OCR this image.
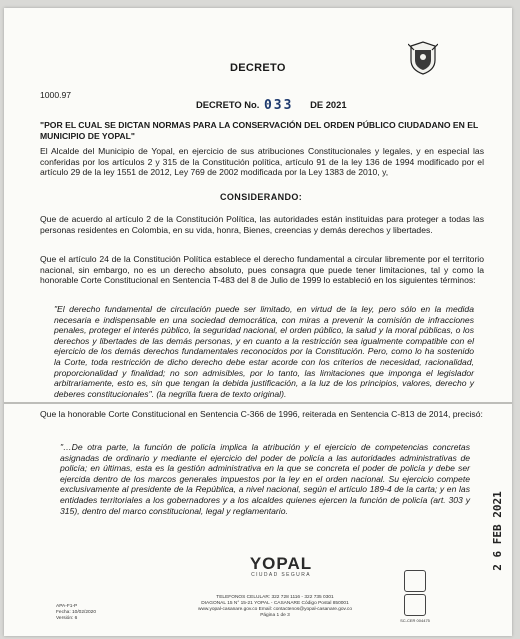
DECRETO
1000.97
DECRETO No. 033 DE 2021
"POR EL CUAL SE DICTAN NORMAS PARA LA CONSERVACIÓN DEL ORDEN PÚBLICO CIUDADANO EN EL MUNICIPIO DE YOPAL"
El Alcalde del Municipio de Yopal, en ejercicio de sus atribuciones Constitucionales y legales, y en especial las conferidas por los artículos 2 y 315 de la Constitución política, artículo 91 de la ley 136 de 1994 modificado por el artículo 29 de la ley 1551 de 2012, Ley 769 de 2002 modificada por la Ley 1383 de 2010, y,
CONSIDERANDO:
Que de acuerdo al artículo 2 de la Constitución Política, las autoridades están instituidas para proteger a todas las personas residentes en Colombia, en su vida, honra, Bienes, creencias y demás derechos y libertades.
Que el artículo 24 de la Constitución Política establece el derecho fundamental a circular libremente por el territorio nacional, sin embargo, no es un derecho absoluto, pues consagra que puede tener limitaciones, tal y como la honorable Corte Constitucional en Sentencia T-483 del 8 de Julio de 1999 lo estableció en los siguientes términos:
"El derecho fundamental de circulación puede ser limitado, en virtud de la ley, pero sólo en la medida necesaria e indispensable en una sociedad democrática, con miras a prevenir la comisión de infracciones penales, proteger el interés público, la seguridad nacional, el orden público, la salud y la moral públicas, o los derechos y libertades de las demás personas, y en cuanto a la restricción sea igualmente compatible con el ejercicio de los demás derechos fundamentales reconocidos por la Constitución. Pero, como lo ha sostenido la Corte, toda restricción de dicho derecho debe estar acorde con los criterios de necesidad, racionalidad, proporcionalidad y finalidad; no son admisibles, por lo tanto, las limitaciones que imponga el legislador arbitrariamente, esto es, sin que tengan la debida justificación, a la luz de los principios, valores, derecho y deberes constitucionales". (la negrilla fuera de texto original).
Que la honorable Corte Constitucional en Sentencia C-366 de 1996, reiterada en Sentencia C-813 de 2014, precisó:
"…De otra parte, la función de policía implica la atribución y el ejercicio de competencias concretas asignadas de ordinario y mediante el ejercicio del poder de policía a las autoridades administrativas de policía; en últimas, esta es la gestión administrativa en la que se concreta el poder de policía y debe ser ejercida dentro de los marcos generales impuestos por la ley en el orden nacional. Su ejercicio compete exclusivamente al presidente de la República, a nivel nacional, según el artículo 189-4 de la carta; y en las entidades territoriales a los gobernadores y a los alcaldes quienes ejercen la función de policía (art. 303 y 315), dentro del marco constitucional, legal y reglamentario.	2 6 FEB 2021
YOPAL
CIUDAD SEGURA
APA-F1-P
Fecha: 10/02/2020
Versión: 6
TELEFONOS CELULAR: 322 728 1116 - 322 735 0301
DIAGONAL 15 N° 15-21 YOPAL - CASANARE Código Postal 850001
www.yopal-casanare.gov.co Email: contactenos@yopal-casanare.gov.co
Página 1 de 3
SC-CER 004475
